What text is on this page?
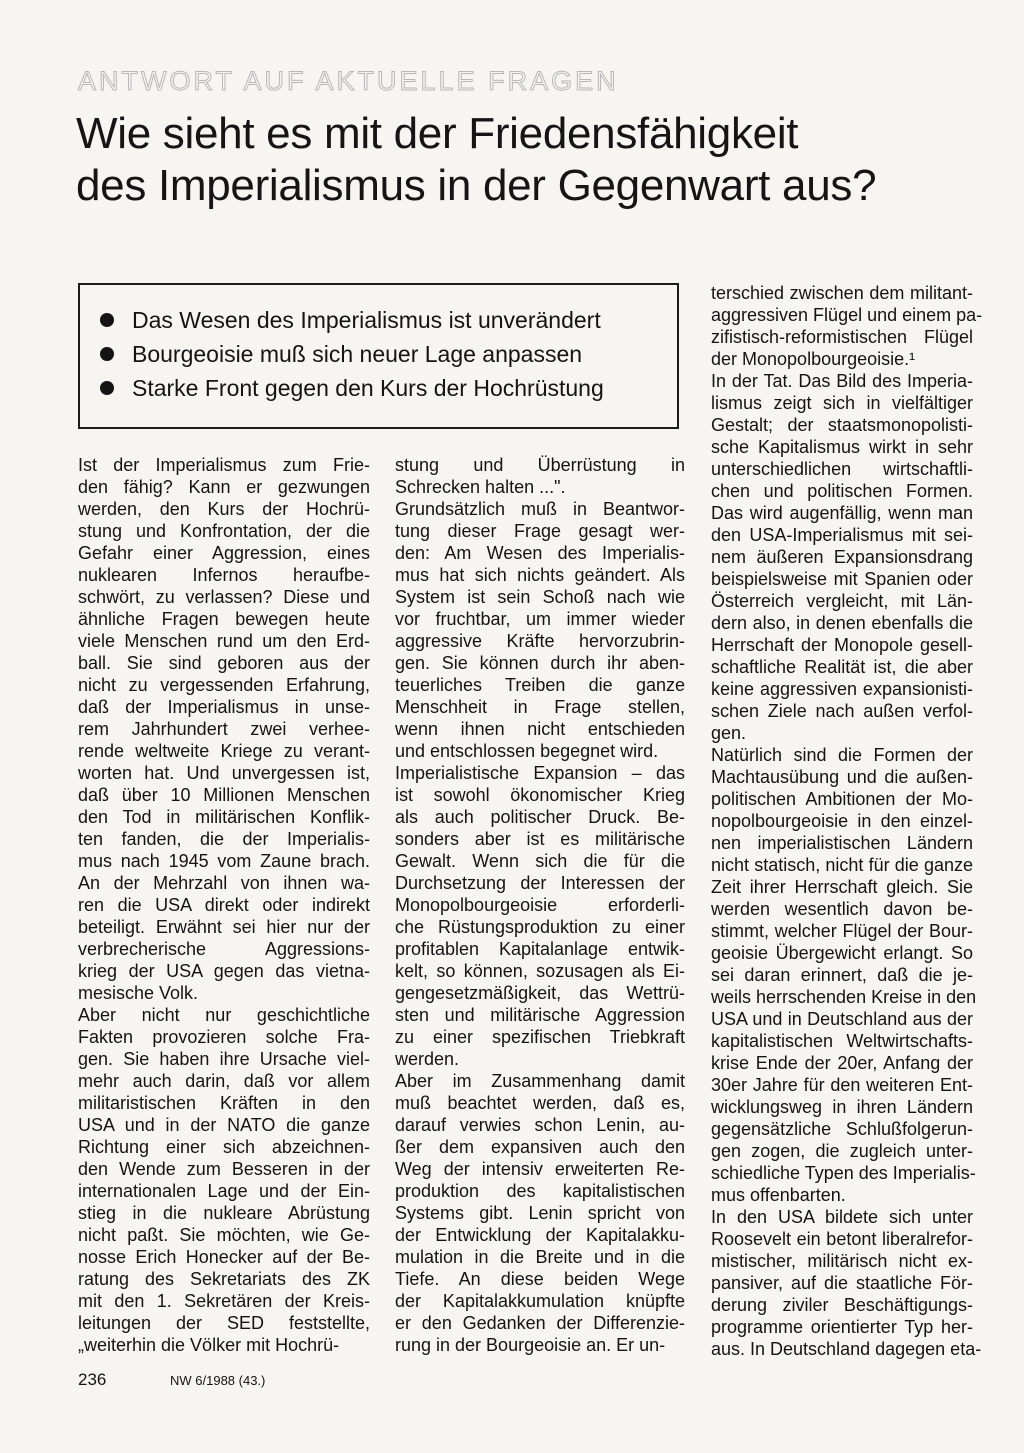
ANTWORT AUF AKTUELLE FRAGEN
Wie sieht es mit der Friedensfähigkeit
des Imperialismus in der Gegenwart aus?
Das Wesen des Imperialismus ist unverändert
Bourgeoisie muß sich neuer Lage anpassen
Starke Front gegen den Kurs der Hochrüstung
Ist der Imperialismus zum Frie-
den fähig? Kann er gezwungen
werden, den Kurs der Hochrü-
stung und Konfrontation, der die
Gefahr einer Aggression, eines
nuklearen Infernos heraufbe-
schwört, zu verlassen? Diese und
ähnliche Fragen bewegen heute
viele Menschen rund um den Erd-
ball. Sie sind geboren aus der
nicht zu vergessenden Erfahrung,
daß der Imperialismus in unse-
rem Jahrhundert zwei verhee-
rende weltweite Kriege zu verant-
worten hat. Und unvergessen ist,
daß über 10 Millionen Menschen
den Tod in militärischen Konflik-
ten fanden, die der Imperialis-
mus nach 1945 vom Zaune brach.
An der Mehrzahl von ihnen wa-
ren die USA direkt oder indirekt
beteiligt. Erwähnt sei hier nur der
verbrecherische Aggressions-
krieg der USA gegen das vietna-
mesische Volk.
Aber nicht nur geschichtliche
Fakten provozieren solche Fra-
gen. Sie haben ihre Ursache viel-
mehr auch darin, daß vor allem
militaristischen Kräften in den
USA und in der NATO die ganze
Richtung einer sich abzeichnen-
den Wende zum Besseren in der
internationalen Lage und der Ein-
stieg in die nukleare Abrüstung
nicht paßt. Sie möchten, wie Ge-
nosse Erich Honecker auf der Be-
ratung des Sekretariats des ZK
mit den 1. Sekretären der Kreis-
leitungen der SED feststellte,
„weiterhin die Völker mit Hochrü-
stung und Überrüstung in
Schrecken halten ...".
Grundsätzlich muß in Beantwor-
tung dieser Frage gesagt wer-
den: Am Wesen des Imperialis-
mus hat sich nichts geändert. Als
System ist sein Schoß nach wie
vor fruchtbar, um immer wieder
aggressive Kräfte hervorzubrin-
gen. Sie können durch ihr aben-
teuerliches Treiben die ganze
Menschheit in Frage stellen,
wenn ihnen nicht entschieden
und entschlossen begegnet wird.
Imperialistische Expansion – das
ist sowohl ökonomischer Krieg
als auch politischer Druck. Be-
sonders aber ist es militärische
Gewalt. Wenn sich die für die
Durchsetzung der Interessen der
Monopolbourgeoisie erforderli-
che Rüstungsproduktion zu einer
profitablen Kapitalanlage entwik-
kelt, so können, sozusagen als Ei-
gengesetzmäßigkeit, das Wettrü-
sten und militärische Aggression
zu einer spezifischen Triebkraft
werden.
Aber im Zusammenhang damit
muß beachtet werden, daß es,
darauf verwies schon Lenin, au-
ßer dem expansiven auch den
Weg der intensiv erweiterten Re-
produktion des kapitalistischen
Systems gibt. Lenin spricht von
der Entwicklung der Kapitalakku-
mulation in die Breite und in die
Tiefe. An diese beiden Wege
der Kapitalakkumulation knüpfte
er den Gedanken der Differenzie-
rung in der Bourgeoisie an. Er un-
terschied zwischen dem militant-
aggressiven Flügel und einem pa-
zifistisch-reformistischen Flügel
der Monopolbourgeoisie.¹
In der Tat. Das Bild des Imperia-
lismus zeigt sich in vielfältiger
Gestalt; der staatsmonopolisti-
sche Kapitalismus wirkt in sehr
unterschiedlichen wirtschaftli-
chen und politischen Formen.
Das wird augenfällig, wenn man
den USA-Imperialismus mit sei-
nem äußeren Expansionsdrang
beispielsweise mit Spanien oder
Österreich vergleicht, mit Län-
dern also, in denen ebenfalls die
Herrschaft der Monopole gesell-
schaftliche Realität ist, die aber
keine aggressiven expansionisti-
schen Ziele nach außen verfol-
gen.
Natürlich sind die Formen der
Machtausübung und die außen-
politischen Ambitionen der Mo-
nopolbourgeoisie in den einzel-
nen imperialistischen Ländern
nicht statisch, nicht für die ganze
Zeit ihrer Herrschaft gleich. Sie
werden wesentlich davon be-
stimmt, welcher Flügel der Bour-
geoisie Übergewicht erlangt. So
sei daran erinnert, daß die je-
weils herrschenden Kreise in den
USA und in Deutschland aus der
kapitalistischen Weltwirtschafts-
krise Ende der 20er, Anfang der
30er Jahre für den weiteren Ent-
wicklungsweg in ihren Ländern
gegensätzliche Schlußfolgerun-
gen zogen, die zugleich unter-
schiedliche Typen des Imperialis-
mus offenbarten.
In den USA bildete sich unter
Roosevelt ein betont liberalrefor-
mistischer, militärisch nicht ex-
pansiver, auf die staatliche För-
derung ziviler Beschäftigungs-
programme orientierter Typ her-
aus. In Deutschland dagegen eta-
236	NW 6/1988 (43.)
